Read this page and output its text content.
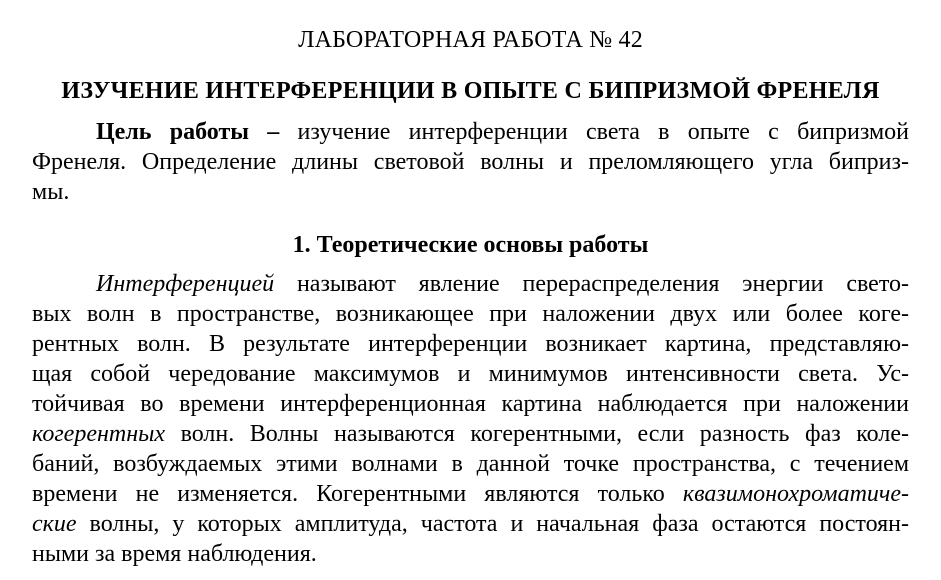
ЛАБОРАТОРНАЯ РАБОТА № 42
ИЗУЧЕНИЕ ИНТЕРФЕРЕНЦИИ В ОПЫТЕ С БИПРИЗМОЙ ФРЕНЕЛЯ
Цель работы – изучение интерференции света в опыте с бипризмой
Френеля. Определение длины световой волны и преломляющего угла биприз-
мы.
1. Теоретические основы работы
Интерференцией называют явление перераспределения энергии свето-
вых волн в пространстве, возникающее при наложении двух или более коге-
рентных волн. В результате интерференции возникает картина, представляю-
щая собой чередование максимумов и минимумов интенсивности света. Ус-
тойчивая во времени интерференционная картина наблюдается при наложении
когерентных волн. Волны называются когерентными, если разность фаз коле-
баний, возбуждаемых этими волнами в данной точке пространства, с течением
времени не изменяется. Когерентными являются только квазимонохроматиче-
ские волны, у которых амплитуда, частота и начальная фаза остаются постоян-
ными за время наблюдения.
